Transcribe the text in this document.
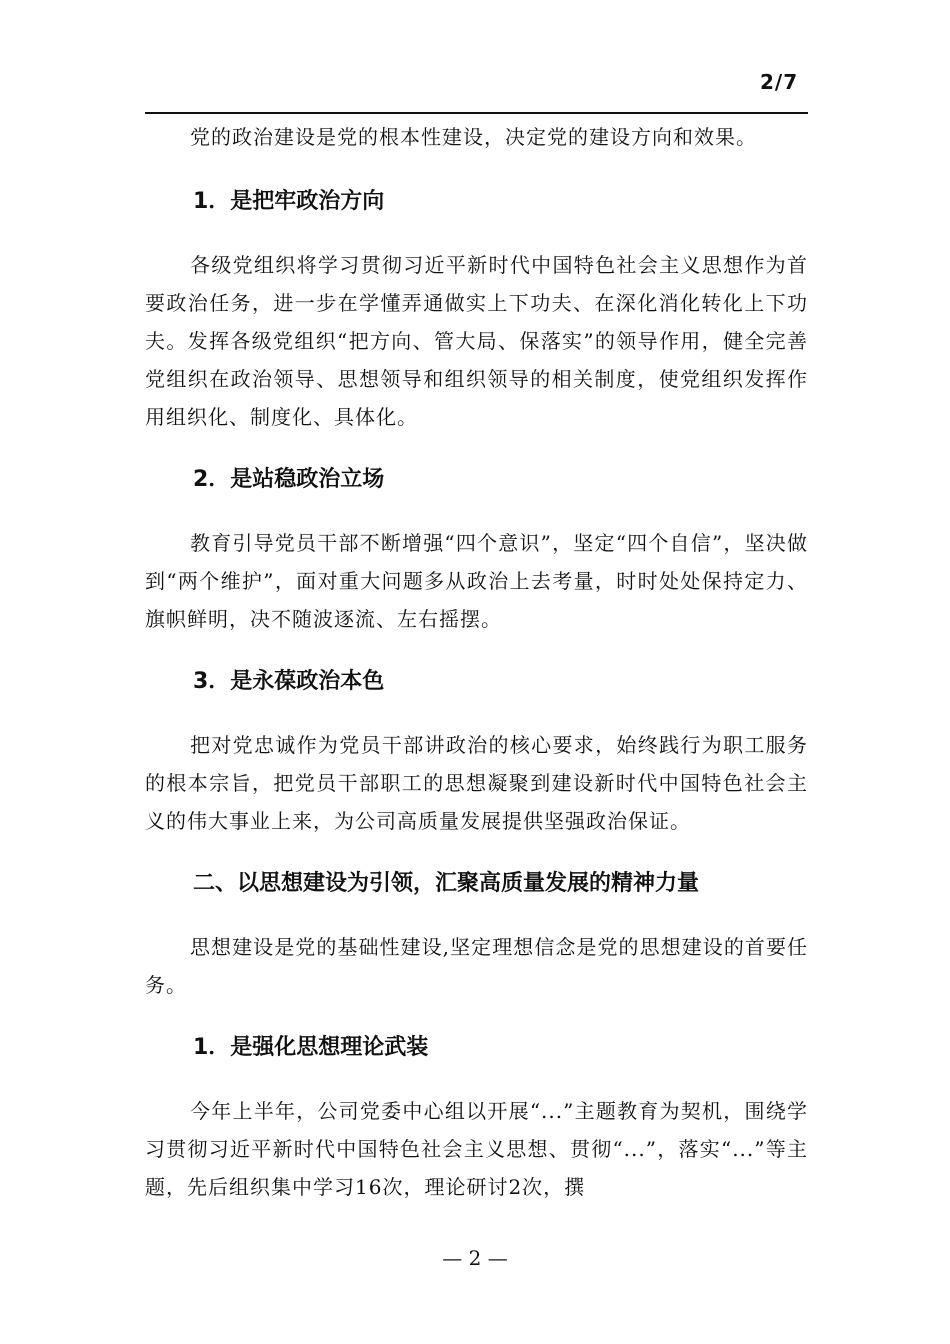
2/7

党的政治建设是党的根本性建设，决定党的建设方向和效果。

1．是把牢政治方向

各级党组织将学习贯彻习近平新时代中国特色社会主义思想作为首要政治任务，进一步在学懂弄通做实上下功夫、在深化消化转化上下功夫。发挥各级党组织“把方向、管大局、保落实”的领导作用，健全完善党组织在政治领导、思想领导和组织领导的相关制度，使党组织发挥作用组织化、制度化、具体化。

2．是站稳政治立场

教育引导党员干部不断增强“四个意识”，坚定“四个自信”，坚决做到“两个维护”，面对重大问题多从政治上去考量，时时处处保持定力、旗帜鲜明，决不随波逐流、左右摇摆。

3．是永葆政治本色

把对党忠诚作为党员干部讲政治的核心要求，始终践行为职工服务的根本宗旨，把党员干部职工的思想凝聚到建设新时代中国特色社会主义的伟大事业上来，为公司高质量发展提供坚强政治保证。

二、以思想建设为引领，汇聚高质量发展的精神力量

思想建设是党的基础性建设,坚定理想信念是党的思想建设的首要任务。

1．是强化思想理论武装

今年上半年，公司党委中心组以开展“...”主题教育为契机，围绕学习贯彻习近平新时代中国特色社会主义思想、贯彻“...”，落实“...”等主题，先后组织集中学习16次，理论研讨2次，撰

— 2 —
